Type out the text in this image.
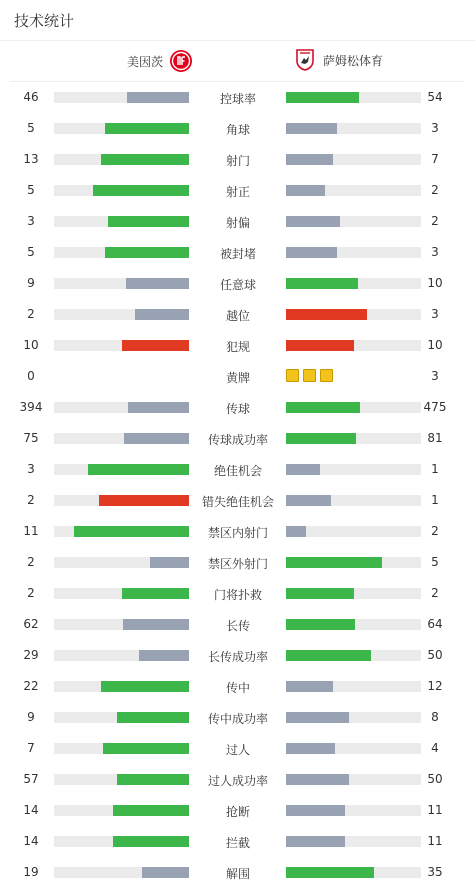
技术统计
美因茨	萨姆松体育
46	控球率	54
5	角球	3
13	射门	7
5	射正	2
3	射偏	2
5	被封堵	3
9	任意球	10
2	越位	3
10	犯规	10
0	黄牌	3
394	传球	475
75	传球成功率	81
3	绝佳机会	1
2	错失绝佳机会	1
11	禁区内射门	2
2	禁区外射门	5
2	门将扑救	2
62	长传	64
29	长传成功率	50
22	传中	12
9	传中成功率	8
7	过人	4
57	过人成功率	50
14	抢断	11
14	拦截	11
19	解围	35
